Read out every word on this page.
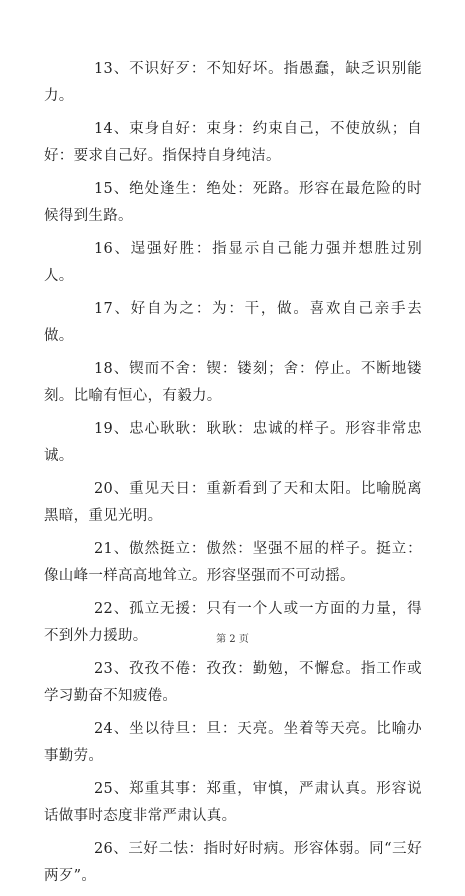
13、不识好歹：不知好坏。指愚蠢，缺乏识别能力。

14、束身自好：束身：约束自己，不使放纵；自好：要求自己好。指保持自身纯洁。

15、绝处逢生：绝处：死路。形容在最危险的时候得到生路。

16、逞强好胜：指显示自己能力强并想胜过别人。

17、好自为之：为：干，做。喜欢自己亲手去做。

18、锲而不舍：锲：镂刻；舍：停止。不断地镂刻。比喻有恒心，有毅力。

19、忠心耿耿：耿耿：忠诚的样子。形容非常忠诚。

20、重见天日：重新看到了天和太阳。比喻脱离黑暗，重见光明。

21、傲然挺立：傲然：坚强不屈的样子。挺立：像山峰一样高高地耸立。形容坚强而不可动摇。

22、孤立无援：只有一个人或一方面的力量，得不到外力援助。

23、孜孜不倦：孜孜：勤勉，不懈怠。指工作或学习勤奋不知疲倦。

24、坐以待旦：旦：天亮。坐着等天亮。比喻办事勤劳。

25、郑重其事：郑重，审慎，严肃认真。形容说话做事时态度非常严肃认真。

26、三好二怯：指时好时病。形容体弱。同“三好两歹”。

第 2 页
